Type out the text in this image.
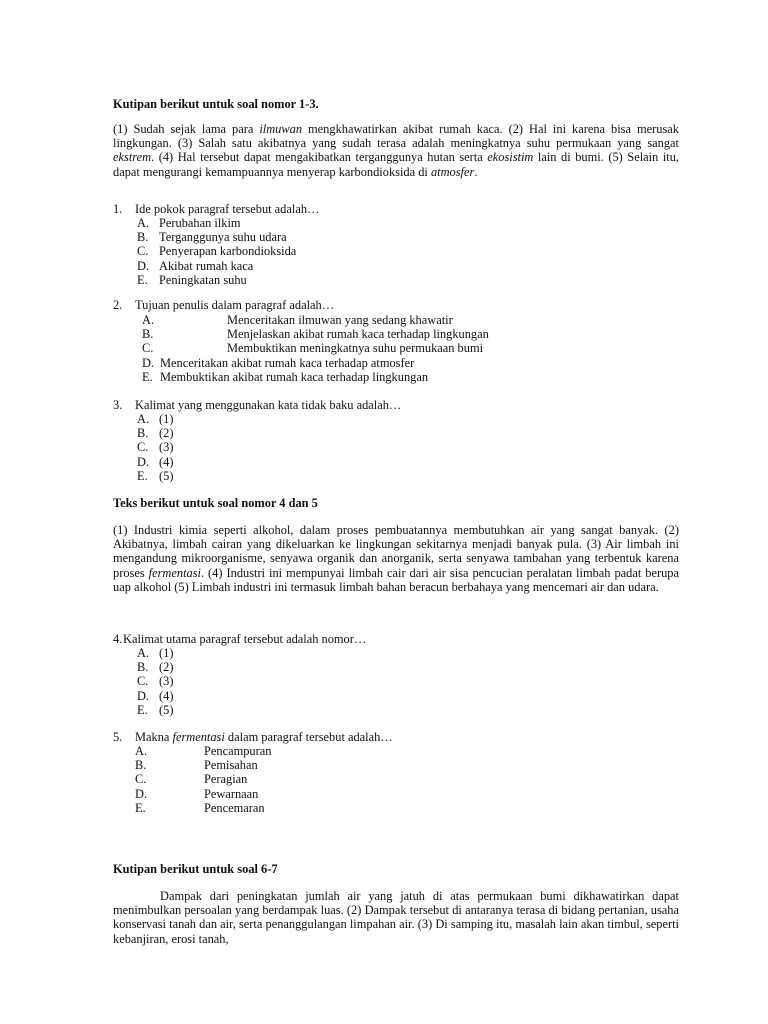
Kutipan berikut untuk soal nomor 1-3.
(1) Sudah sejak lama para ilmuwan mengkhawatirkan akibat rumah kaca. (2) Hal ini karena bisa merusak lingkungan. (3) Salah satu akibatnya yang sudah terasa adalah meningkatnya suhu permukaan yang sangat ekstrem. (4) Hal tersebut dapat mengakibatkan terganggunya hutan serta ekosistim lain di bumi. (5) Selain itu, dapat mengurangi kemampuannya menyerap karbondioksida di atmosfer.
1. Ide pokok paragraf tersebut adalah…
2. Tujuan penulis dalam paragraf adalah…
3. Kalimat yang menggunakan kata tidak baku adalah…
Teks berikut untuk soal nomor 4 dan 5
(1) Industri kimia seperti alkohol, dalam proses pembuatannya membutuhkan air yang sangat banyak. (2) Akibatnya, limbah cairan yang dikeluarkan ke lingkungan sekitarnya menjadi banyak pula. (3) Air limbah ini mengandung mikroorganisme, senyawa organik dan anorganik, serta senyawa tambahan yang terbentuk karena proses fermentasi. (4) Industri ini mempunyai limbah cair dari air sisa pencucian peralatan limbah padat berupa uap alkohol (5) Limbah industri ini termasuk limbah bahan beracun berbahaya yang mencemari air dan udara.
4. Kalimat utama paragraf tersebut adalah nomor…
5. Makna fermentasi dalam paragraf tersebut adalah…
Kutipan berikut untuk soal 6-7
Dampak dari peningkatan jumlah air yang jatuh di atas permukaan bumi dikhawatirkan dapat menimbulkan persoalan yang berdampak luas. (2) Dampak tersebut di antaranya terasa di bidang pertanian, usaha konservasi tanah dan air, serta penanggulangan limpahan air. (3) Di samping itu, masalah lain akan timbul, seperti kebanjiran, erosi tanah,
A. Perubahan ilkim
B. Terganggunya suhu udara
C. Penyerapan karbondioksida
D. Akibat rumah kaca
E. Peningkatan suhu
A.	Menceritakan ilmuwan yang sedang khawatir
B.	Menjelaskan akibat rumah kaca terhadap lingkungan
C.	Membuktikan meningkatnya suhu permukaan bumi
D. Menceritakan akibat rumah kaca terhadap atmosfer
E. Membuktikan akibat rumah kaca terhadap lingkungan
A. (1)
B. (2)
C. (3)
D. (4)
E. (5)
A. (1)
B. (2)
C. (3)
D. (4)
E. (5)
A.	Pencampuran
B.	Pemisahan
C.	Peragian
D.	Pewarnaan
E.	Pencemaran
